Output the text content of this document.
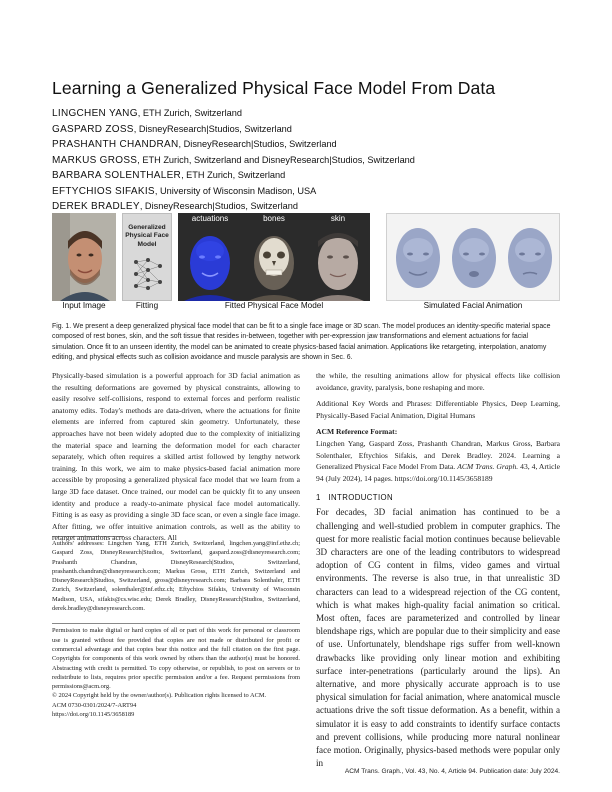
Learning a Generalized Physical Face Model From Data
LINGCHEN YANG, ETH Zurich, Switzerland
GASPARD ZOSS, DisneyResearch|Studios, Switzerland
PRASHANTH CHANDRAN, DisneyResearch|Studios, Switzerland
MARKUS GROSS, ETH Zurich, Switzerland and DisneyResearch|Studios, Switzerland
BARBARA SOLENTHALER, ETH Zurich, Switzerland
EFTYCHIOS SIFAKIS, University of Wisconsin Madison, USA
DEREK BRADLEY, DisneyResearch|Studios, Switzerland
Generalized Physical Face Model
actuations	bones	skin
Input Image	Fitting	Fitted Physical Face Model	Simulated Facial Animation
Fig. 1. We present a deep generalized physical face model that can be fit to a single face image or 3D scan. The model produces an identity-specific material space composed of rest bones, skin, and the soft tissue that resides in-between, together with per-expression jaw transformations and element actuations for facial simulation. Once fit to an unseen identity, the model can be animated to create physics-based facial animation. Applications like retargeting, interpolation, anatomy editing, and physical effects such as collision avoidance and muscle paralysis are shown in Sec. 6.
Physically-based simulation is a powerful approach for 3D facial animation as the resulting deformations are governed by physical constraints, allowing to easily resolve self-collisions, respond to external forces and perform realistic anatomy edits. Today's methods are data-driven, where the actuations for finite elements are inferred from captured skin geometry. Unfortunately, these approaches have not been widely adopted due to the complexity of initializing the material space and learning the deformation model for each character separately, which often requires a skilled artist followed by lengthy network training. In this work, we aim to make physics-based facial animation more accessible by proposing a generalized physical face model that we learn from a large 3D face dataset. Once trained, our model can be quickly fit to any unseen identity and produce a ready-to-animate physical face model automatically. Fitting is as easy as providing a single 3D face scan, or even a single face image. After fitting, we offer intuitive animation controls, as well as the ability to retarget animations across characters. All
Authors' addresses: Lingchen Yang, ETH Zurich, Switzerland, lingchen.yang@inf.ethz.ch; Gaspard Zoss, DisneyResearch|Studios, Switzerland, gaspard.zoss@disneyresearch.com; Prashanth Chandran, DisneyResearch|Studios, Switzerland, prashanth.chandran@disneyresearch.com; Markus Gross, ETH Zurich, Switzerland and DisneyResearch|Studios, Switzerland, gross@disneyresearch.com; Barbara Solenthaler, ETH Zurich, Switzerland, solenthaler@inf.ethz.ch; Eftychios Sifakis, University of Wisconsin Madison, USA, sifakis@cs.wisc.edu; Derek Bradley, DisneyResearch|Studios, Switzerland, derek.bradley@disneyresearch.com.
Permission to make digital or hard copies of all or part of this work for personal or classroom use is granted without fee provided that copies are not made or distributed for profit or commercial advantage and that copies bear this notice and the full citation on the first page. Copyrights for components of this work owned by others than the author(s) must be honored. Abstracting with credit is permitted. To copy otherwise, or republish, to post on servers or to redistribute to lists, requires prior specific permission and/or a fee. Request permissions from permissions@acm.org.
© 2024 Copyright held by the owner/author(s). Publication rights licensed to ACM.
ACM 0730-0301/2024/7-ART94
https://doi.org/10.1145/3658189
the while, the resulting animations allow for physical effects like collision avoidance, gravity, paralysis, bone reshaping and more.
Additional Key Words and Phrases: Differentiable Physics, Deep Learning, Physically-Based Facial Animation, Digital Humans
ACM Reference Format:
Lingchen Yang, Gaspard Zoss, Prashanth Chandran, Markus Gross, Barbara Solenthaler, Eftychios Sifakis, and Derek Bradley. 2024. Learning a Generalized Physical Face Model From Data. ACM Trans. Graph. 43, 4, Article 94 (July 2024), 14 pages. https://doi.org/10.1145/3658189
1 INTRODUCTION
For decades, 3D facial animation has continued to be a challenging and well-studied problem in computer graphics. The quest for more realistic facial motion continues because believable 3D characters are one of the leading contributors to widespread adoption of CG content in films, video games and virtual environments. The reverse is also true, in that unrealistic 3D characters can lead to a widespread rejection of the CG content, which is what makes high-quality facial animation so critical. Most often, faces are parameterized and controlled by linear blendshape rigs, which are popular due to their simplicity and ease of use. Unfortunately, blendshape rigs suffer from well-known drawbacks like providing only linear motion and exhibiting surface inter-penetrations (particularly around the lips). An alternative, and more physically accurate approach is to use physical simulation for facial animation, where anatomical muscle actuations drive the soft tissue deformation. As a benefit, within a simulator it is easy to add constraints to identify surface contacts and prevent collisions, while producing more natural nonlinear face motion. Originally, physics-based methods were popular only in
ACM Trans. Graph., Vol. 43, No. 4, Article 94. Publication date: July 2024.
